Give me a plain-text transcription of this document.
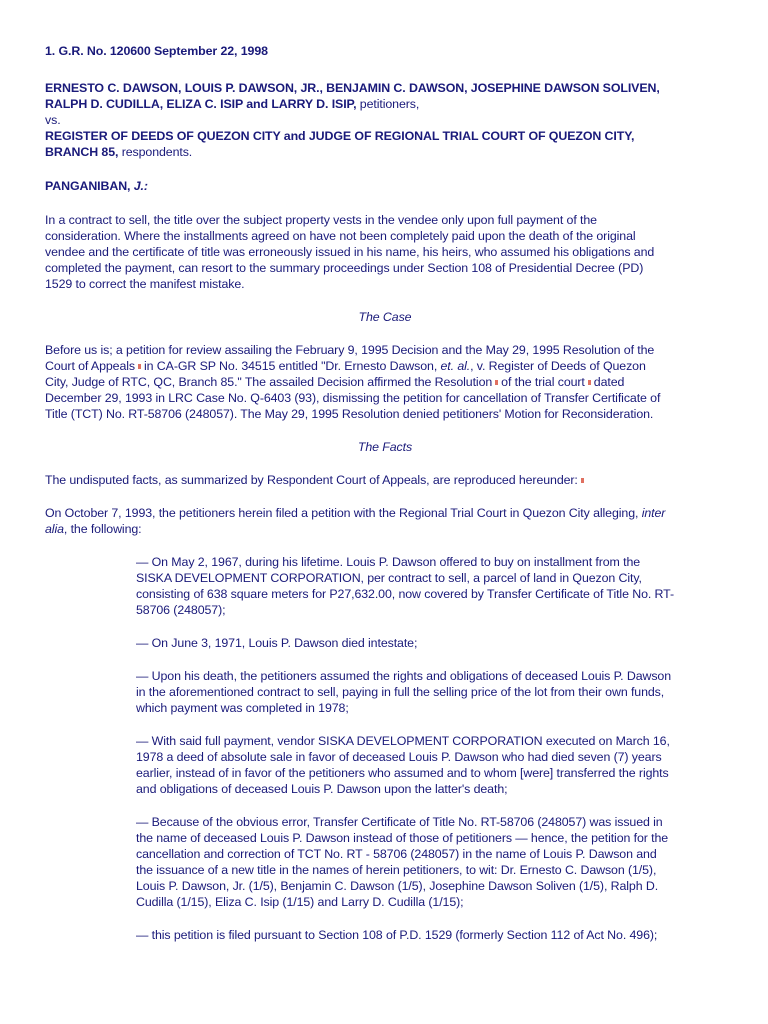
1. G.R. No. 120600 September 22, 1998
ERNESTO C. DAWSON, LOUIS P. DAWSON, JR., BENJAMIN C. DAWSON, JOSEPHINE DAWSON SOLIVEN,
RALPH D. CUDILLA, ELIZA C. ISIP and LARRY D. ISIP, petitioners,
vs.
REGISTER OF DEEDS OF QUEZON CITY and JUDGE OF REGIONAL TRIAL COURT OF QUEZON CITY,
BRANCH 85, respondents.
PANGANIBAN, J.:

In a contract to sell, the title over the subject property vests in the vendee only upon full payment of the

consideration. Where the installments agreed on have not been completely paid upon the death of the original

vendee and the certificate of title was erroneously issued in his name, his heirs, who assumed his obligations and

completed the payment, can resort to the summary proceedings under Section 108 of Presidential Decree (PD)

1529 to correct the manifest mistake.

The Case

Before us is; a petition for review assailing the February 9, 1995 Decision and the May 29, 1995 Resolution of the

Court of Appeals in CA-GR SP No. 34515 entitled "Dr. Ernesto Dawson, et. al., v. Register of Deeds of Quezon

City, Judge of RTC, QC, Branch 85." The assailed Decision affirmed the Resolution of the trial court dated

December 29, 1993 in LRC Case No. Q-6403 (93), dismissing the petition for cancellation of Transfer Certificate of

Title (TCT) No. RT-58706 (248057). The May 29, 1995 Resolution denied petitioners' Motion for Reconsideration.

The Facts

The undisputed facts, as summarized by Respondent Court of Appeals, are reproduced hereunder:

On October 7, 1993, the petitioners herein filed a petition with the Regional Trial Court in Quezon City alleging, inter

alia, the following:

— On May 2, 1967, during his lifetime. Louis P. Dawson offered to buy on installment from the

SISKA DEVELOPMENT CORPORATION, per contract to sell, a parcel of land in Quezon City,

consisting of 638 square meters for P27,632.00, now covered by Transfer Certificate of Title No. RT-

58706 (248057);

— On June 3, 1971, Louis P. Dawson died intestate;

— Upon his death, the petitioners assumed the rights and obligations of deceased Louis P. Dawson

in the aforementioned contract to sell, paying in full the selling price of the lot from their own funds,

which payment was completed in 1978;

— With said full payment, vendor SISKA DEVELOPMENT CORPORATION executed on March 16,

1978 a deed of absolute sale in favor of deceased Louis P. Dawson who had died seven (7) years

earlier, instead of in favor of the petitioners who assumed and to whom [were] transferred the rights

and obligations of deceased Louis P. Dawson upon the latter's death;

— Because of the obvious error, Transfer Certificate of Title No. RT-58706 (248057) was issued in

the name of deceased Louis P. Dawson instead of those of petitioners — hence, the petition for the

cancellation and correction of TCT No. RT - 58706 (248057) in the name of Louis P. Dawson and

the issuance of a new title in the names of herein petitioners, to wit: Dr. Ernesto C. Dawson (1/5),

Louis P. Dawson, Jr. (1/5), Benjamin C. Dawson (1/5), Josephine Dawson Soliven (1/5), Ralph D.

Cudilla (1/15), Eliza C. Isip (1/15) and Larry D. Cudilla (1/15);

— this petition is filed pursuant to Section 108 of P.D. 1529 (formerly Section 112 of Act No. 496);
